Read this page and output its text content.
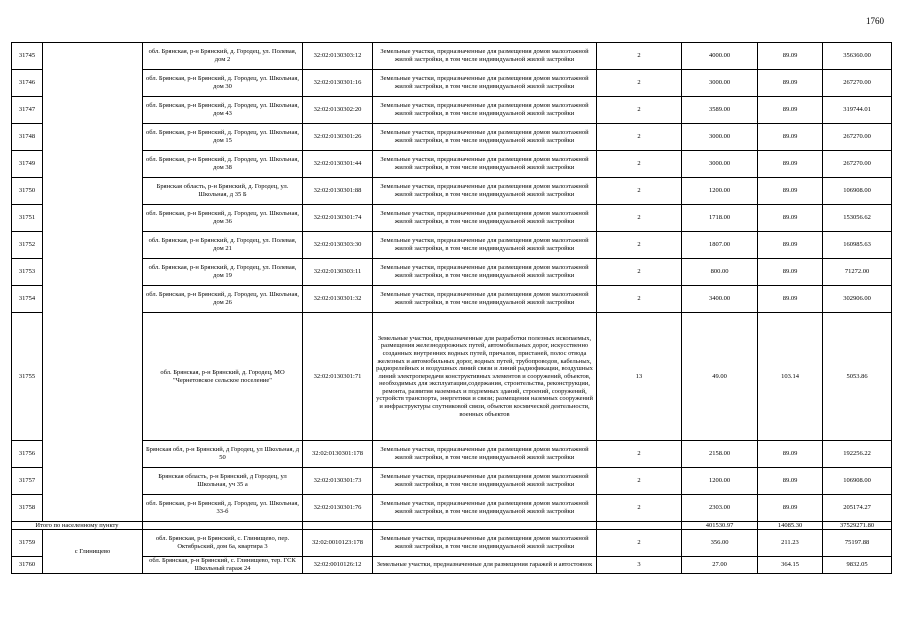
1760
31745		обл. Брянская, р-н Брянский, д. Городец, ул. Полевая, дом 2	32:02:0130303:12	Земельные участки, предназначенные для размещения домов малоэтажной жилой застройки, в том числе индивидуальной жилой застройки	2	4000.00	89.09	356360.00
31746		обл. Брянская, р-н Брянский, д. Городец, ул. Школьная, дом 30	32:02:0130301:16	Земельные участки, предназначенные для размещения домов малоэтажной жилой застройки, в том числе индивидуальной жилой застройки	2	3000.00	89.09	267270.00
31747		обл. Брянская, р-н Брянский, д. Городец, ул. Школьная, дом 43	32:02:0130302:20	Земельные участки, предназначенные для размещения домов малоэтажной жилой застройки, в том числе индивидуальной жилой застройки	2	3589.00	89.09	319744.01
31748		обл. Брянская, р-н Брянский, д. Городец, ул. Школьная, дом 15	32:02:0130301:26	Земельные участки, предназначенные для размещения домов малоэтажной жилой застройки, в том числе индивидуальной жилой застройки	2	3000.00	89.09	267270.00
31749		обл. Брянская, р-н Брянский, д. Городец, ул. Школьная, дом 38	32:02:0130301:44	Земельные участки, предназначенные для размещения домов малоэтажной жилой застройки, в том числе индивидуальной жилой застройки	2	3000.00	89.09	267270.00
31750		Брянская область, р-н Брянский, д. Городец, ул. Школьная, д 35 Б	32:02:0130301:88	Земельные участки, предназначенные для размещения домов малоэтажной жилой застройки, в том числе индивидуальной жилой застройки	2	1200.00	89.09	106908.00
31751		обл. Брянская, р-н Брянский, д. Городец, ул. Школьная, дом 36	32:02:0130301:74	Земельные участки, предназначенные для размещения домов малоэтажной жилой застройки, в том числе индивидуальной жилой застройки	2	1718.00	89.09	153056.62
31752		обл. Брянская, р-н Брянский, д. Городец, ул. Полевая, дом 21	32:02:0130303:30	Земельные участки, предназначенные для размещения домов малоэтажной жилой застройки, в том числе индивидуальной жилой застройки	2	1807.00	89.09	160985.63
31753		обл. Брянская, р-н Брянский, д. Городец, ул. Полевая, дом 19	32:02:0130303:11	Земельные участки, предназначенные для размещения домов малоэтажной жилой застройки, в том числе индивидуальной жилой застройки	2	800.00	89.09	71272.00
31754		обл. Брянская, р-н Брянский, д. Городец, ул. Школьная, дом 26	32:02:0130301:32	Земельные участки, предназначенные для размещения домов малоэтажной жилой застройки, в том числе индивидуальной жилой застройки	2	3400.00	89.09	302906.00
31755		обл. Брянская, р-н Брянский, д. Городец, МО "Чернетовское сельское поселение"	32:02:0130301:71	Земельные участки, предназначенные для разработки полезных ископаемых, размещения железнодорожных путей, автомобильных дорог, искусственно созданных внутренних водных путей, причалов, пристаней, полос отвода железных и автомобильных дорог, водных путей, трубопроводов, кабельных, радиорелейных и воздушных линий связи и линий радиофикации, воздушных линий электропередачи конструктивных элементов и сооружений, объектов, необходимых для эксплуатации,содержания, строительства, реконструкции, ремонта, развития наземных и подземных зданий, строений, сооружений, устройств транспорта, энергетики и связи; размещения наземных сооружений и инфраструктуры спутниковой связи, объектов космической деятельности, военных объектов	13	49.00	103.14	5053.86
31756		Брянская обл, р-н Брянский, д Городец, ул Школьная, д 50	32:02:0130301:178	Земельные участки, предназначенные для размещения домов малоэтажной жилой застройки, в том числе индивидуальной жилой застройки	2	2158.00	89.09	192256.22
31757		Брянская область, р-н Брянский, д Городец, ул Школьная, уч 35 а	32:02:0130301:73	Земельные участки, предназначенные для размещения домов малоэтажной жилой застройки, в том числе индивидуальной жилой застройки	2	1200.00	89.09	106908.00
31758		обл. Брянская, р-н Брянский, д. Городец, ул. Школьная, 33-б	32:02:0130301:76	Земельные участки, предназначенные для размещения домов малоэтажной жилой застройки, в том числе индивидуальной жилой застройки	2	2303.00	89.09	205174.27
Итого по населенному пункту						401530.97	14085.30	37529271.80
31759	с Глинищево	обл. Брянская, р-н Брянский, с. Глинищево, пер. Октябрьский, дом 6а, квартира 3	32:02:0010123:178	Земельные участки, предназначенные для размещения домов малоэтажной жилой застройки, в том числе индивидуальной жилой застройки	2	356.00	211.23	75197.88
31760		обл. Брянская, р-н Брянский, с. Глинищево, тер. ГСК Школьный гараж 24	32:02:0010126:12	Земельные участки, предназначенные для размещения гаражей и автостоянок	3	27.00	364.15	9832.05
